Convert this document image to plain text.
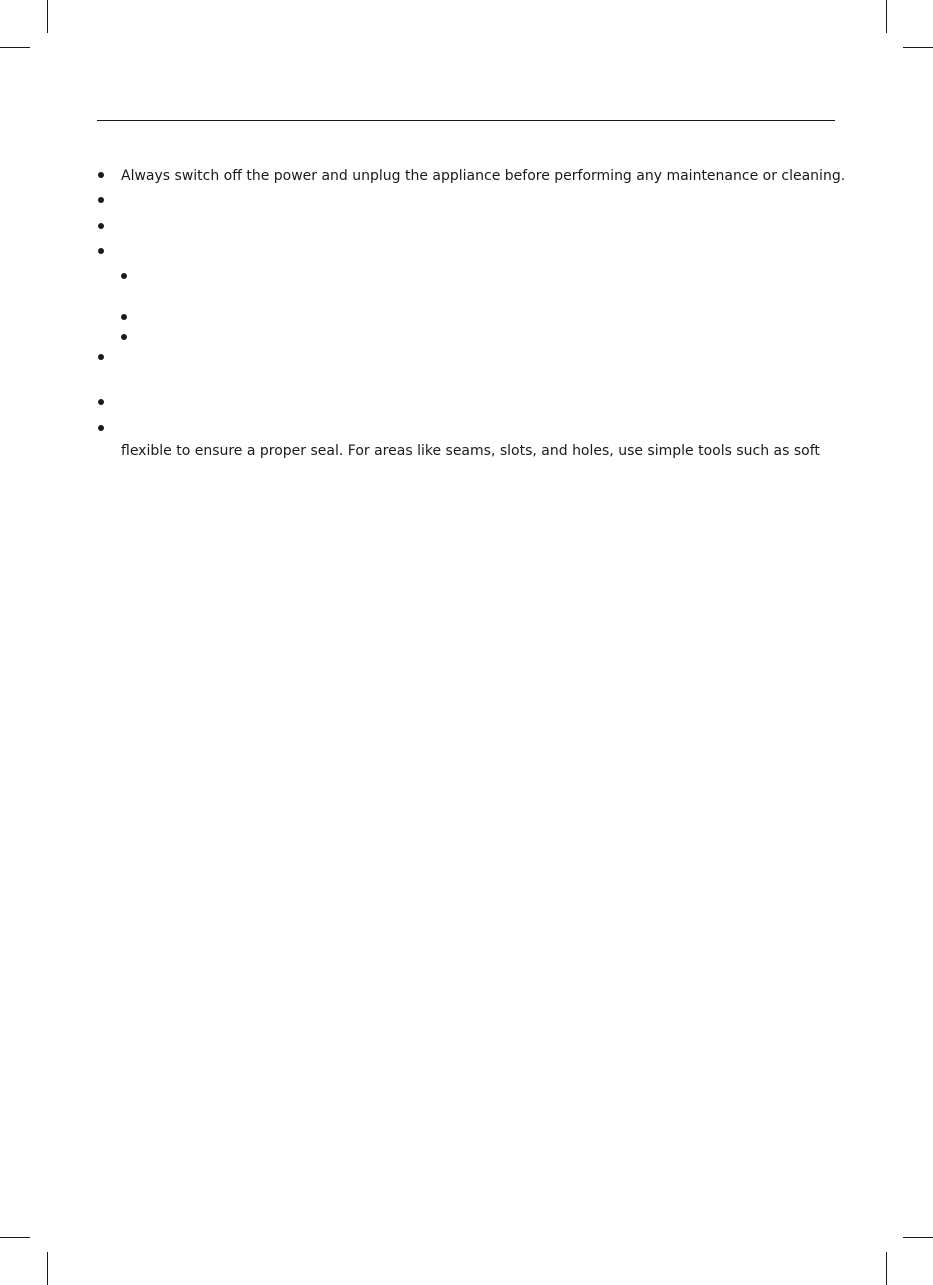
Always switch off the power and unplug the appliance before performing any maintenance or cleaning.
flexible to ensure a proper seal. For areas like seams, slots, and holes, use simple tools such as soft
